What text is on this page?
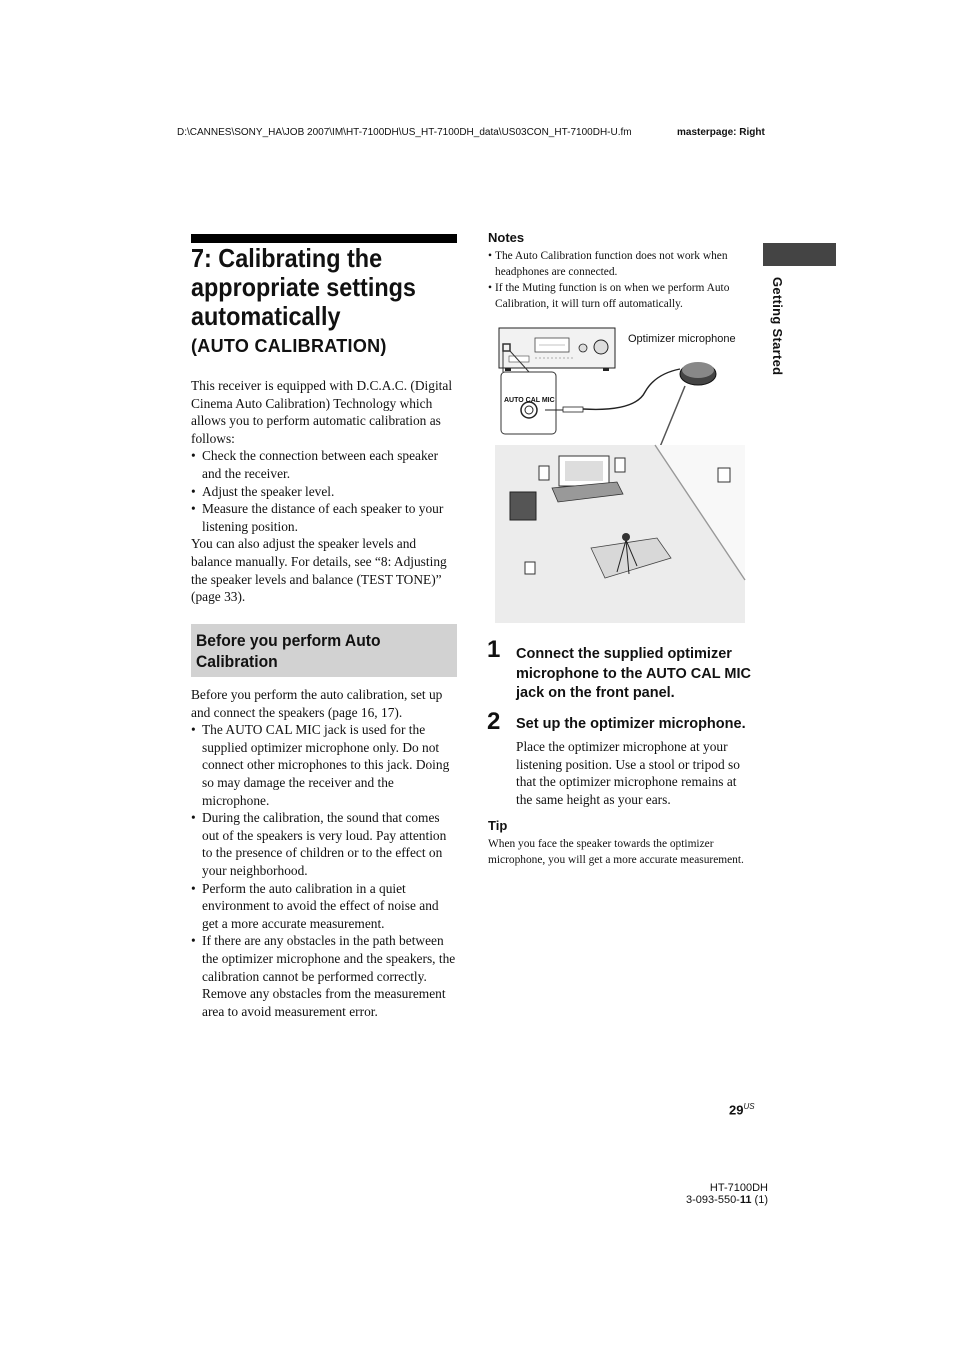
D:\CANNES\SONY_HA\JOB 2007\IM\HT-7100DH\US_HT-7100DH_data\US03CON_HT-7100DH-U.fm	masterpage: Right
Getting Started
7: Calibrating the appropriate settings automatically
(AUTO CALIBRATION)

This receiver is equipped with D.C.A.C. (Digital Cinema Auto Calibration) Technology which allows you to perform automatic calibration as follows:

• Check the connection between each speaker and the receiver.
• Adjust the speaker level.
• Measure the distance of each speaker to your listening position.

You can also adjust the speaker levels and balance manually. For details, see “8: Adjusting the speaker levels and balance (TEST TONE)” (page 33).

Before you perform Auto Calibration

Before you perform the auto calibration, set up and connect the speakers (page 16, 17).

• The AUTO CAL MIC jack is used for the supplied optimizer microphone only. Do not connect other microphones to this jack. Doing so may damage the receiver and the microphone.
• During the calibration, the sound that comes out of the speakers is very loud. Pay attention to the presence of children or to the effect on your neighborhood.
• Perform the auto calibration in a quiet environment to avoid the effect of noise and get a more accurate measurement.
• If there are any obstacles in the path between the optimizer microphone and the speakers, the calibration cannot be performed correctly. Remove any obstacles from the measurement area to avoid measurement error.
Notes
• The Auto Calibration function does not work when headphones are connected.
• If the Muting function is on when we perform Auto Calibration, it will turn off automatically.
AUTO CAL MIC
Optimizer microphone
1 Connect the supplied optimizer microphone to the AUTO CAL MIC jack on the front panel.
2 Set up the optimizer microphone.
Place the optimizer microphone at your listening position. Use a stool or tripod so that the optimizer microphone remains at the same height as your ears.
Tip
When you face the speaker towards the optimizer microphone, you will get a more accurate measurement.
$29^{US}$
HT-7100DH
3-093-550-11 (1)
